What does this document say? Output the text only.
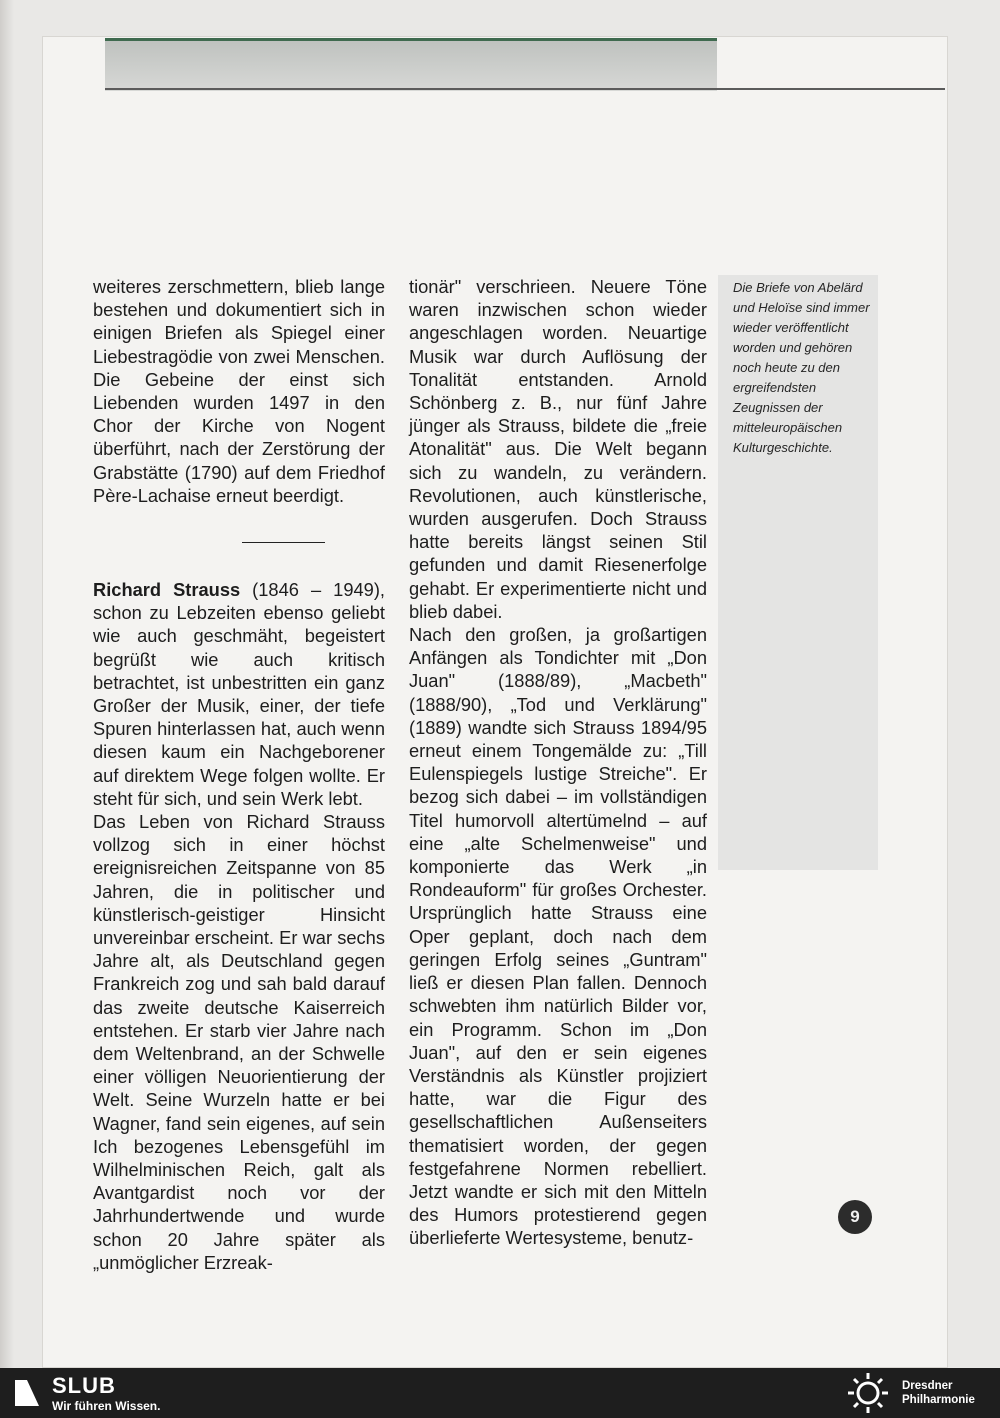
weiteres zerschmettern, blieb lange bestehen und dokumentiert sich in einigen Briefen als Spiegel einer Liebestragödie von zwei Menschen. Die Gebeine der einst sich Liebenden wurden 1497 in den Chor der Kirche von Nogent überführt, nach der Zerstörung der Grabstätte (1790) auf dem Friedhof Père-Lachaise erneut beerdigt.

Richard Strauss (1846 – 1949), schon zu Lebzeiten ebenso geliebt wie auch geschmäht, begeistert begrüßt wie auch kritisch betrachtet, ist unbestritten ein ganz Großer der Musik, einer, der tiefe Spuren hinterlassen hat, auch wenn diesen kaum ein Nachgeborener auf direktem Wege folgen wollte. Er steht für sich, und sein Werk lebt.

Das Leben von Richard Strauss vollzog sich in einer höchst ereignisreichen Zeitspanne von 85 Jahren, die in politischer und künstlerisch-geistiger Hinsicht unvereinbar erscheint. Er war sechs Jahre alt, als Deutschland gegen Frankreich zog und sah bald darauf das zweite deutsche Kaiserreich entstehen. Er starb vier Jahre nach dem Weltenbrand, an der Schwelle einer völligen Neuorientierung der Welt. Seine Wurzeln hatte er bei Wagner, fand sein eigenes, auf sein Ich bezogenes Lebensgefühl im Wilhelminischen Reich, galt als Avantgardist noch vor der Jahrhundertwende und wurde schon 20 Jahre später als „unmöglicher Erzreak-

tionär" verschrieen. Neuere Töne waren inzwischen schon wieder angeschlagen worden. Neuartige Musik war durch Auflösung der Tonalität entstanden. Arnold Schönberg z. B., nur fünf Jahre jünger als Strauss, bildete die „freie Atonalität" aus. Die Welt begann sich zu wandeln, zu verändern. Revolutionen, auch künstlerische, wurden ausgerufen. Doch Strauss hatte bereits längst seinen Stil gefunden und damit Riesenerfolge gehabt. Er experimentierte nicht und blieb dabei.

Nach den großen, ja großartigen Anfängen als Tondichter mit „Don Juan" (1888/89), „Macbeth" (1888/90), „Tod und Verklärung" (1889) wandte sich Strauss 1894/95 erneut einem Tongemälde zu: „Till Eulenspiegels lustige Streiche". Er bezog sich dabei – im vollständigen Titel humorvoll altertümelnd – auf eine „alte Schelmenweise" und komponierte das Werk „in Rondeauform" für großes Orchester. Ursprünglich hatte Strauss eine Oper geplant, doch nach dem geringen Erfolg seines „Guntram" ließ er diesen Plan fallen. Dennoch schwebten ihm natürlich Bilder vor, ein Programm. Schon im „Don Juan", auf den er sein eigenes Verständnis als Künstler projiziert hatte, war die Figur des gesellschaftlichen Außenseiters thematisiert worden, der gegen festgefahrene Normen rebelliert. Jetzt wandte er sich mit den Mitteln des Humors protestierend gegen überlieferte Wertesysteme, benutz-

Die Briefe von Abelärd und Heloïse sind immer wieder veröffentlicht worden und gehören noch heute zu den ergreifendsten Zeugnissen der mitteleuropäischen Kulturgeschichte.
9
SLUB
Wir führen Wissen.
Dresdner
Philharmonie
